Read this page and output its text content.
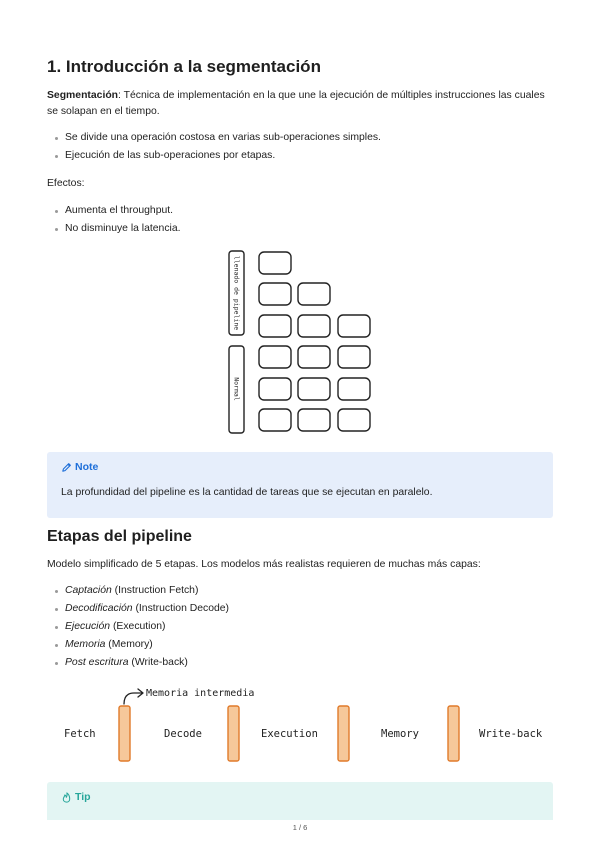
1. Introducción a la segmentación

Segmentación: Técnica de implementación en la que une la ejecución de múltiples instrucciones las cuales se solapan en el tiempo.

Se divide una operación costosa en varias sub-operaciones simples.
Ejecución de las sub-operaciones por etapas.

Efectos:

Aumenta el throughput.
No disminuye la latencia.
llenado de pipeline
Normal
Note

La profundidad del pipeline es la cantidad de tareas que se ejecutan en paralelo.

Etapas del pipeline

Modelo simplificado de 5 etapas. Los modelos más realistas requieren de muchas más capas:

Captación (Instruction Fetch)
Decodificación (Instruction Decode)
Ejecución (Execution)
Memoria (Memory)
Post escritura (Write-back)
Memoria intermedia
Fetch	Decode	Execution	Memory	Write-back
Tip
1 / 6
